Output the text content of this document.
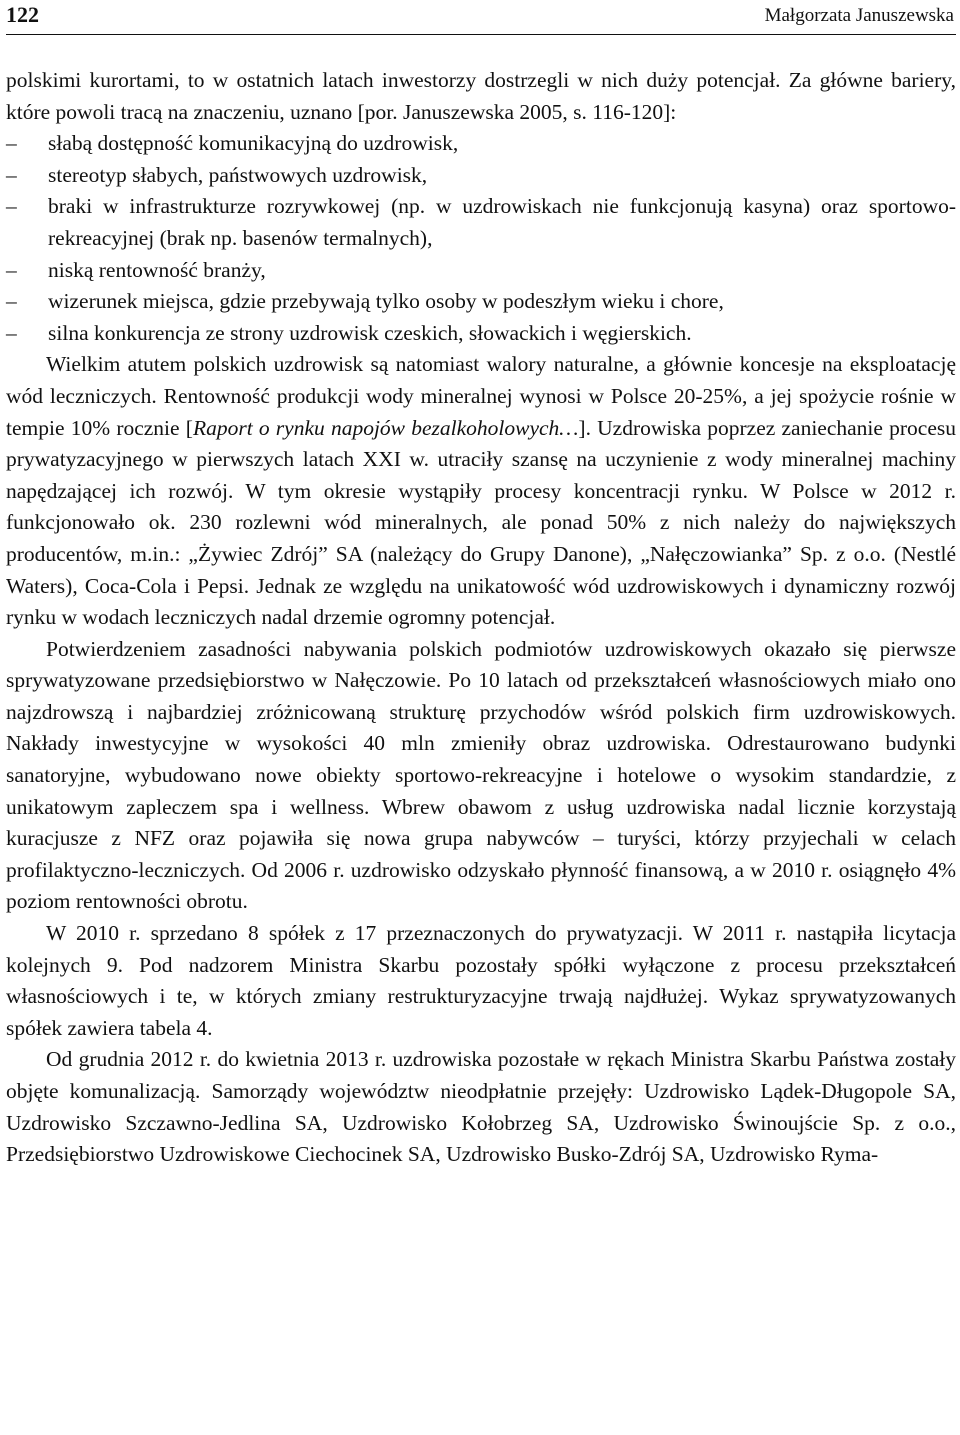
122	Małgorzata Januszewska

polskimi kurortami, to w ostatnich latach inwestorzy dostrzegli w nich duży potencjał. Za główne bariery, które powoli tracą na znaczeniu, uznano [por. Januszewska 2005, s. 116-120]:

–	słabą dostępność komunikacyjną do uzdrowisk,
–	stereotyp słabych, państwowych uzdrowisk,
–	braki w infrastrukturze rozrywkowej (np. w uzdrowiskach nie funkcjonują kasyna) oraz sportowo-rekreacyjnej (brak np. basenów termalnych),
–	niską rentowność branży,
–	wizerunek miejsca, gdzie przebywają tylko osoby w podeszłym wieku i chore,
–	silna konkurencja ze strony uzdrowisk czeskich, słowackich i węgierskich.

Wielkim atutem polskich uzdrowisk są natomiast walory naturalne, a głównie koncesje na eksploatację wód leczniczych. Rentowność produkcji wody mineralnej wynosi w Polsce 20-25%, a jej spożycie rośnie w tempie 10% rocznie [Raport o rynku napojów bezalkoholowych…]. Uzdrowiska poprzez zaniechanie procesu prywatyzacyjnego w pierwszych latach XXI w. utraciły szansę na uczynienie z wody mineralnej machiny napędzającej ich rozwój. W tym okresie wystąpiły procesy koncentracji rynku. W Polsce w 2012 r. funkcjonowało ok. 230 rozlewni wód mineralnych, ale ponad 50% z nich należy do największych producentów, m.in.: „Żywiec Zdrój” SA (należący do Grupy Danone), „Nałęczowianka” Sp. z o.o. (Nestlé Waters), Coca-Cola i Pepsi. Jednak ze względu na unikatowość wód uzdrowiskowych i dynamiczny rozwój rynku w wodach leczniczych nadal drzemie ogromny potencjał.

Potwierdzeniem zasadności nabywania polskich podmiotów uzdrowiskowych okazało się pierwsze sprywatyzowane przedsiębiorstwo w Nałęczowie. Po 10 latach od przekształceń własnościowych miało ono najzdrowszą i najbardziej zróżnicowaną strukturę przychodów wśród polskich firm uzdrowiskowych. Nakłady inwestycyjne w wysokości 40 mln zmieniły obraz uzdrowiska. Odrestaurowano budynki sanatoryjne, wybudowano nowe obiekty sportowo-rekreacyjne i hotelowe o wysokim standardzie, z unikatowym zapleczem spa i wellness. Wbrew obawom z usług uzdrowiska nadal licznie korzystają kuracjusze z NFZ oraz pojawiła się nowa grupa nabywców – turyści, którzy przyjechali w celach profilaktyczno-leczniczych. Od 2006 r. uzdrowisko odzyskało płynność finansową, a w 2010 r. osiągnęło 4% poziom rentowności obrotu.

W 2010 r. sprzedano 8 spółek z 17 przeznaczonych do prywatyzacji. W 2011 r. nastąpiła licytacja kolejnych 9. Pod nadzorem Ministra Skarbu pozostały spółki wyłączone z procesu przekształceń własnościowych i te, w których zmiany restrukturyzacyjne trwają najdłużej. Wykaz sprywatyzowanych spółek zawiera tabela 4.

Od grudnia 2012 r. do kwietnia 2013 r. uzdrowiska pozostałe w rękach Ministra Skarbu Państwa zostały objęte komunalizacją. Samorządy województw nieodpłatnie przejęły: Uzdrowisko Lądek-Długopole SA, Uzdrowisko Szczawno-Jedlina SA, Uzdrowisko Kołobrzeg SA, Uzdrowisko Świnoujście Sp. z o.o., Przedsiębiorstwo Uzdrowiskowe Ciechocinek SA, Uzdrowisko Busko-Zdrój SA, Uzdrowisko Ryma-
